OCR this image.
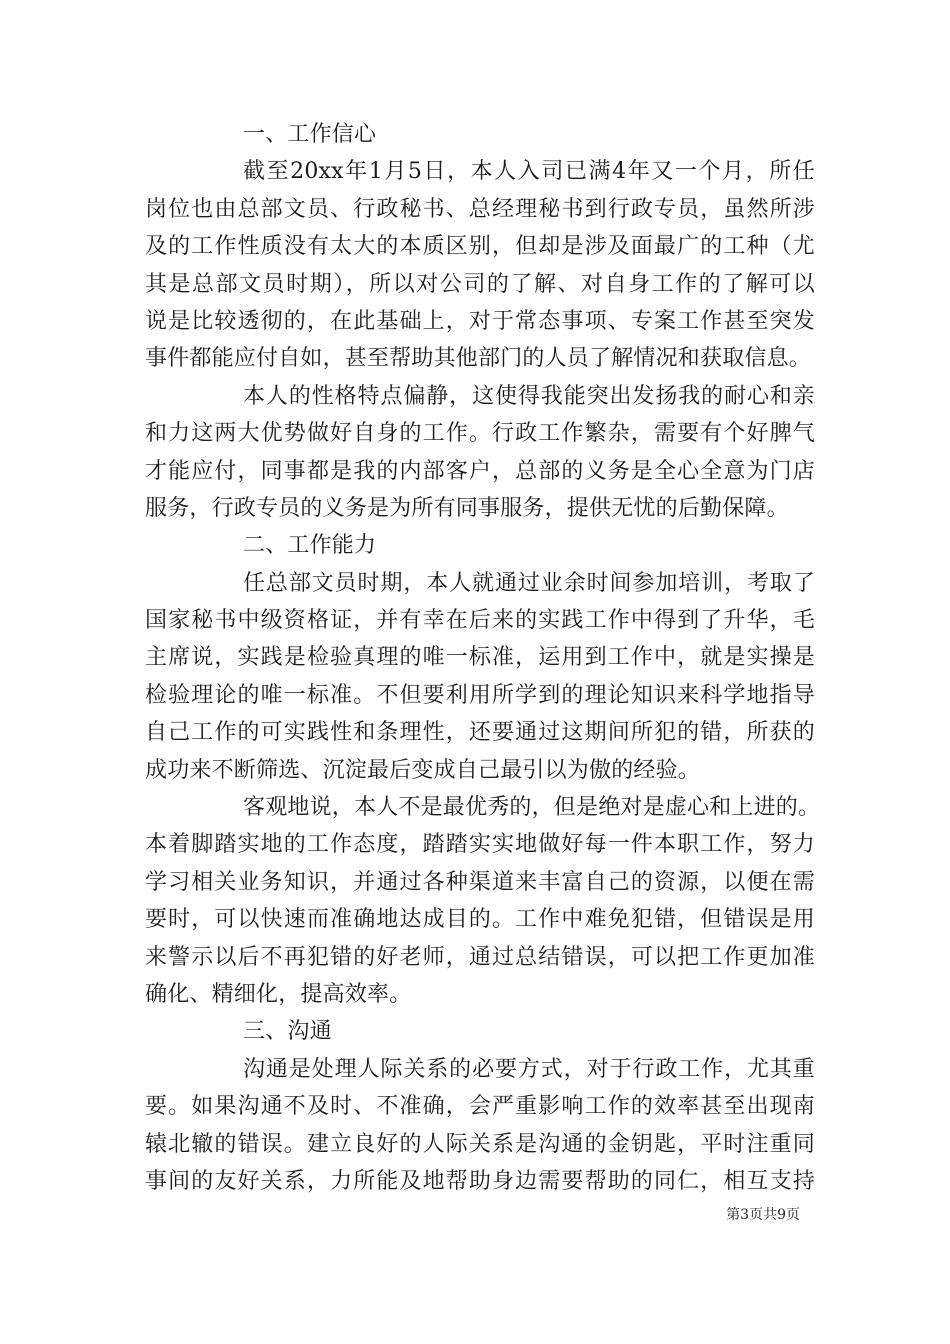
一、工作信心
截至20xx年1月5日，本人入司已满4年又一个月，所任
岗位也由总部文员、行政秘书、总经理秘书到行政专员，虽然所涉
及的工作性质没有太大的本质区别，但却是涉及面最广的工种（尤
其是总部文员时期），所以对公司的了解、对自身工作的了解可以
说是比较透彻的，在此基础上，对于常态事项、专案工作甚至突发
事件都能应付自如，甚至帮助其他部门的人员了解情况和获取信息。
本人的性格特点偏静，这使得我能突出发扬我的耐心和亲
和力这两大优势做好自身的工作。行政工作繁杂，需要有个好脾气
才能应付，同事都是我的内部客户，总部的义务是全心全意为门店
服务，行政专员的义务是为所有同事服务，提供无忧的后勤保障。
二、工作能力
任总部文员时期，本人就通过业余时间参加培训，考取了
国家秘书中级资格证，并有幸在后来的实践工作中得到了升华，毛
主席说，实践是检验真理的唯一标准，运用到工作中，就是实操是
检验理论的唯一标准。不但要利用所学到的理论知识来科学地指导
自己工作的可实践性和条理性，还要通过这期间所犯的错，所获的
成功来不断筛选、沉淀最后变成自己最引以为傲的经验。
客观地说，本人不是最优秀的，但是绝对是虚心和上进的。
本着脚踏实地的工作态度，踏踏实实地做好每一件本职工作，努力
学习相关业务知识，并通过各种渠道来丰富自己的资源，以便在需
要时，可以快速而准确地达成目的。工作中难免犯错，但错误是用
来警示以后不再犯错的好老师，通过总结错误，可以把工作更加准
确化、精细化，提高效率。
三、沟通
沟通是处理人际关系的必要方式，对于行政工作，尤其重
要。如果沟通不及时、不准确，会严重影响工作的效率甚至出现南
辕北辙的错误。建立良好的人际关系是沟通的金钥匙，平时注重同
事间的友好关系，力所能及地帮助身边需要帮助的同仁，相互支持
第3页共9页
